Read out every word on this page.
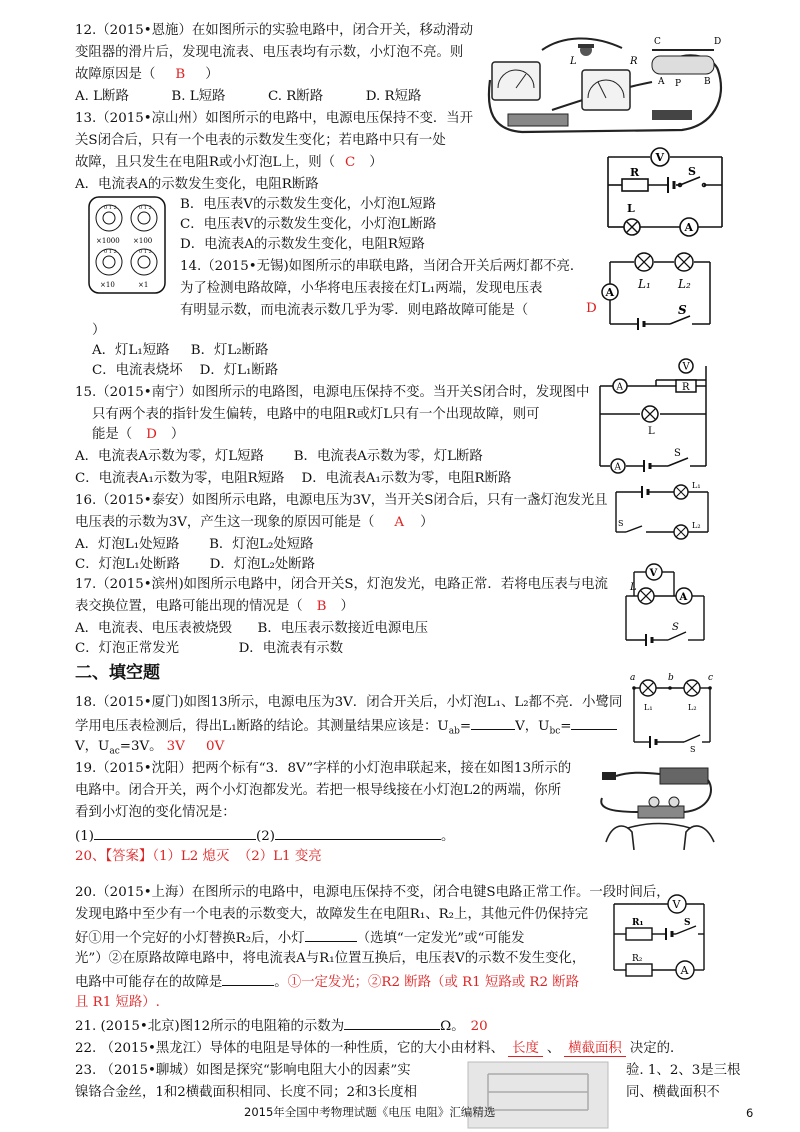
12.（2015•恩施）在如图所示的实验电路中，闭合开关，移动滑动
变阻器的滑片后，发现电流表、电压表均有示数，小灯泡不亮。则
故障原因是（ B ）
A. L断路          B. L短路          C. R断路          D. R短路
L	R
C	D
P
A	B
13.（2015•凉山州）如图所示的电路中，电源电压保持不变．当开
关S闭合后，只有一个电表的示数发生变化；若电路中只有一处
故障，且只发生在电阻R或小灯泡L上，则（ C ）
A．电流表A的示数发生变化，电阻R断路
B．电压表V的示数发生变化，小灯泡L短路
C．电压表V的示数发生变化，小灯泡L断路
D．电流表A的示数发生变化，电阻R短路
V
R	S
L
A
0 1 2	0 1 2
0 1 2	0 1 2
×1000 ×100
×10	×1
14.（2015•无锡)如图所示的串联电路，当闭合开关后两灯都不亮．
为了检测电路故障，小华将电压表接在灯L₁两端，发现电压表
有明显示数，而电流表示数几乎为零．则电路故障可能是（	D
）
A．灯L₁短路     B．灯L₂断路
C．电流表烧坏    D．灯L₁断路
A
L₁ L₂
S
15.（2015•南宁）如图所示的电路图，电源电压保持不变。当开关S闭合时，发现图中
只有两个表的指针发生偏转，电路中的电阻R或灯L只有一个出现故障，则可
能是（ D ）
A．电流表A示数为零，灯L短路       B．电流表A示数为零，灯L断路
C．电流表A₁示数为零，电阻R短路    D．电流表A₁示数为零，电阻R断路
V
R
A
L
A
S
16.（2015•泰安）如图所示电路，电源电压为3V，当开关S闭合后，只有一盏灯泡发光且
电压表的示数为3V，产生这一现象的原因可能是（ A ）
A．灯泡L₁处短路       B．灯泡L₂处短路
C．灯泡L₁处断路       D．灯泡L₂处断路
L₁
L₂
S
17.（2015•滨州)如图所示电路中，闭合开关S，灯泡发光，电路正常．若将电压表与电流
表交换位置，电路可能出现的情况是（ B ）
A．电流表、电压表被烧毁      B．电压表示数接近电源电压
C．灯泡正常发光              D．电流表有示数
V
A
L
S
二、填空题
18.（2015•厦门)如图13所示，电源电压为3V．闭合开关后，小灯泡L₁、L₂都不亮．小鹭同
学用电压表检测后，得出L₁断路的结论。其测量结果应该是：$U_{ab}=$	V，$U_{bc}=$
V，$U_{ac}=3V$。 3V     0V
a	b	c
L₁	L₂
S
19.（2015•沈阳）把两个标有“3．8V”字样的小灯泡串联起来，接在如图13所示的
电路中。闭合开关，两个小灯泡都发光。若把一根导线接在小灯泡L2的两端，你所
看到小灯泡的变化情况是：
(1)	(2)	。
20、【答案】（1）L2 熄灭  （2）L1 变亮
20.（2015•上海）在图所示的电路中，电源电压保持不变，闭合电键S电路正常工作。一段时间后，
发现电路中至少有一个电表的示数变大，故障发生在电阻R₁、R₂上，其他元件仍保持完
好①用一个完好的小灯替换R₂后，小灯	（选填“一定发光”或“可能发
光”）②在原路故障电路中，将电流表A与R₁位置互换后，电压表V的示数不发生变化，
电路中可能存在的故障是	。①一定发光；②R2 断路（或 R1 短路或 R2 断路
且 R1 短路）.
V
R₁	S
R₂
A
21. (2015•北京)图12所示的电阻箱的示数为	Ω。 20
22. （2015•黑龙江）导体的电阻是导体的一种性质，它的大小由材料、 长度 、 横截面积 决定的．
23. （2015•聊城）如图是探究“影响电阻大小的因素”实	验. 1、2、3是三根
镍铬合金丝，1和2横截面积相同、长度不同；2和3长度相	同、横截面积不
2015年全国中考物理试题《电压 电阻》汇编精选	6
